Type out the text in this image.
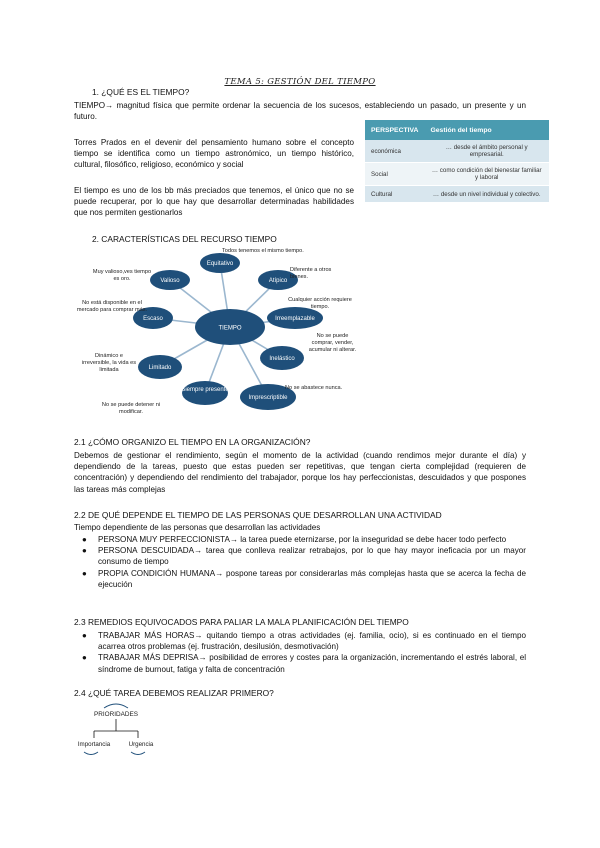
TEMA 5: GESTIÓN DEL TIEMPO
1. ¿QUÉ ES EL TIEMPO?
TIEMPO→ magnitud física que permite ordenar la secuencia de los sucesos, estableciendo un pasado, un presente y un futuro.
Torres Prados en el devenir del pensamiento humano sobre el concepto tiempo se identifica como un tiempo astronómico, un tiempo histórico, cultural, filosófico, religioso, económico y social
El tiempo es uno de los bb más preciados que tenemos, el único que no se puede recuperar, por lo que hay que desarrollar determinadas habilidades que nos permiten gestionarlos
PERSPECTIVA	Gestión del tiempo
económica	… desde el ámbito personal y empresarial.
Social	… como condición del bienestar familiar y laboral
Cultural	… desde un nivel individual y colectivo.
2. CARACTERÍSTICAS DEL RECURSO TIEMPO
TIEMPO
Equitativo
Valioso	Atípico
Escaso	Irreemplazable
Limitado
Inelástico
Siempre presente
Imprescriptible
Todos tenemos el mismo tiempo.
Muy valioso,ves tiempo es oro.
Diferente a otros bienes.
No está disponible en el mercado para comprar más.
Cualquier acción requiere tiempo.
No se puede comprar, vender, acumular ni alterar.
Dinámico e irreversible, la vida es limitada
No se abastece nunca.
No se puede detener ni modificar.
2.1 ¿CÓMO ORGANIZO EL TIEMPO EN LA ORGANIZACIÓN?
Debemos de gestionar el rendimiento, según el momento de la actividad (cuando rendimos mejor durante el día) y dependiendo de la tareas, puesto que estas pueden ser repetitivas, que tengan cierta complejidad (requieren de concentración) y dependiendo del rendimiento del trabajador, porque los hay perfeccionistas, descuidados y que pospones las tareas más complejas
2.2 DE QUÉ DEPENDE EL TIEMPO DE LAS PERSONAS QUE DESARROLLAN UNA ACTIVIDAD
Tiempo dependiente de las personas que desarrollan las actividades
● PERSONA MUY PERFECCIONISTA→ la tarea puede eternizarse, por la inseguridad se debe hacer todo perfecto
● PERSONA DESCUIDADA→ tarea que conlleva realizar retrabajos, por lo que hay mayor ineficacia por un mayor consumo de tiempo
● PROPIA CONDICIÓN HUMANA→ pospone tareas por considerarlas más complejas hasta que se acerca la fecha de ejecución
2.3 REMEDIOS EQUIVOCADOS PARA PALIAR LA MALA PLANIFICACIÓN DEL TIEMPO
● TRABAJAR MÁS HORAS→ quitando tiempo a otras actividades (ej. familia, ocio), si es continuado en el tiempo acarrea otros problemas (ej. frustración, desilusión, desmotivación)
● TRABAJAR MÁS DEPRISA→ posibilidad de errores y costes para la organización, incrementando el estrés laboral, el síndrome de burnout, fatiga y falta de concentración
2.4 ¿QUÉ TAREA DEBEMOS REALIZAR PRIMERO?
PRIORIDADES
Importancia	Urgencia
